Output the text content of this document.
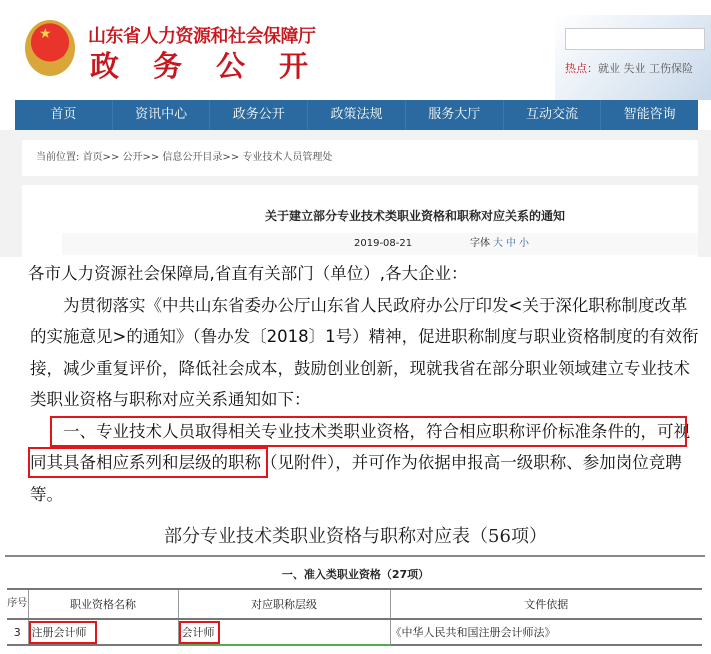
★ 山东省人力资源和社会保障厅
政务公开	热点：就业 失业 工伤保险
首页	资讯中心	政务公开	政策法规	服务大厅	互动交流	智能咨询
当前位置: 首页>> 公开>> 信息公开目录>> 专业技术人员管理处
关于建立部分专业技术类职业资格和职称对应关系的通知
2019-08-21	字体 大 中 小

各市人力资源社会保障局,省直有关部门（单位）,各大企业：

为贯彻落实《中共山东省委办公厅山东省人民政府办公厅印发<关于深化职称制度改革的实施意见>的通知》（鲁办发〔2018〕1号）精神，促进职称制度与职业资格制度的有效衔接，减少重复评价，降低社会成本，鼓励创业创新，现就我省在部分职业领域建立专业技术类职业资格与职称对应关系通知如下：

一、专业技术人员取得相关专业技术类职业资格，符合相应职称评价标准条件的，可视同其具备相应系列和层级的职称（见附件），并可作为依据申报高一级职称、参加岗位竞聘等。

部分专业技术类职业资格与职称对应表（56项）
一、准入类职业资格（27项）
序号	职业资格名称	对应职称层级	文件依据
3	注册会计师	会计师	《中华人民共和国注册会计师法》
